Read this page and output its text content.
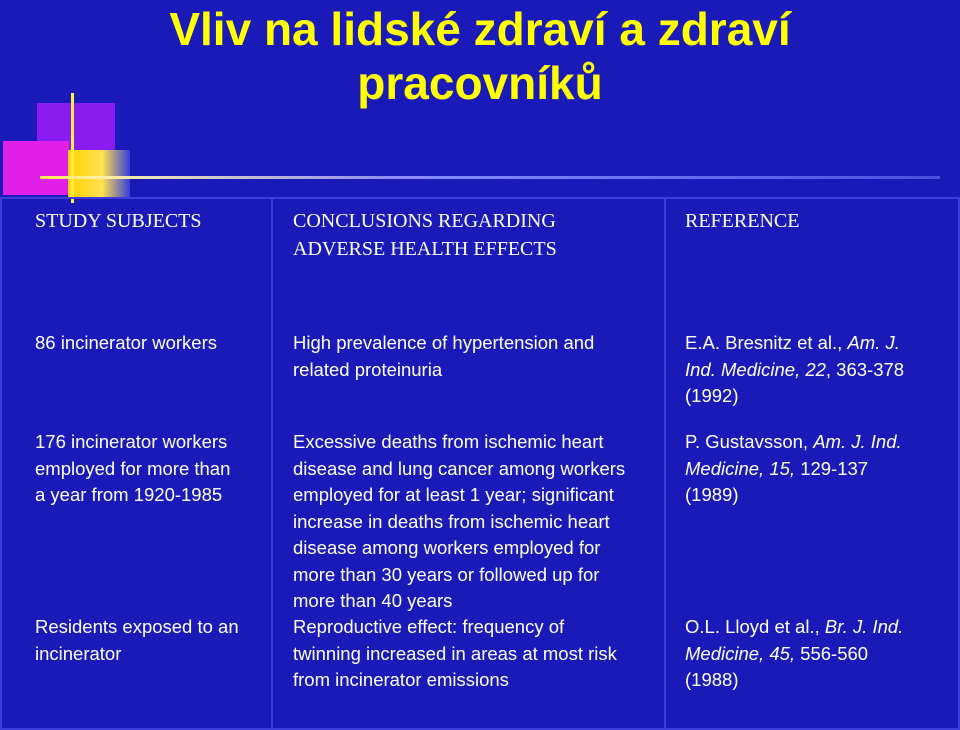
Vliv na lidské zdraví a zdraví
pracovníků
STUDY SUBJECTS	CONCLUSIONS REGARDING
ADVERSE HEALTH EFFECTS
REFERENCE
86 incinerator workers	High prevalence of hypertension and
related proteinuria
E.A. Bresnitz et al., Am. J.
Ind. Medicine, 22, 363-378
(1992)
176 incinerator workers
employed for more than
a year from 1920-1985
Excessive deaths from ischemic heart
disease and lung cancer among workers
employed for at least 1 year; significant
increase in deaths from ischemic heart
disease among workers employed for
more than 30 years or followed up for
more than 40 years
P. Gustavsson, Am. J. Ind.
Medicine, 15, 129-137
(1989)
Residents exposed to an
incinerator
Reproductive effect: frequency of
twinning increased in areas at most risk
from incinerator emissions
O.L. Lloyd et al., Br. J. Ind.
Medicine, 45, 556-560
(1988)
